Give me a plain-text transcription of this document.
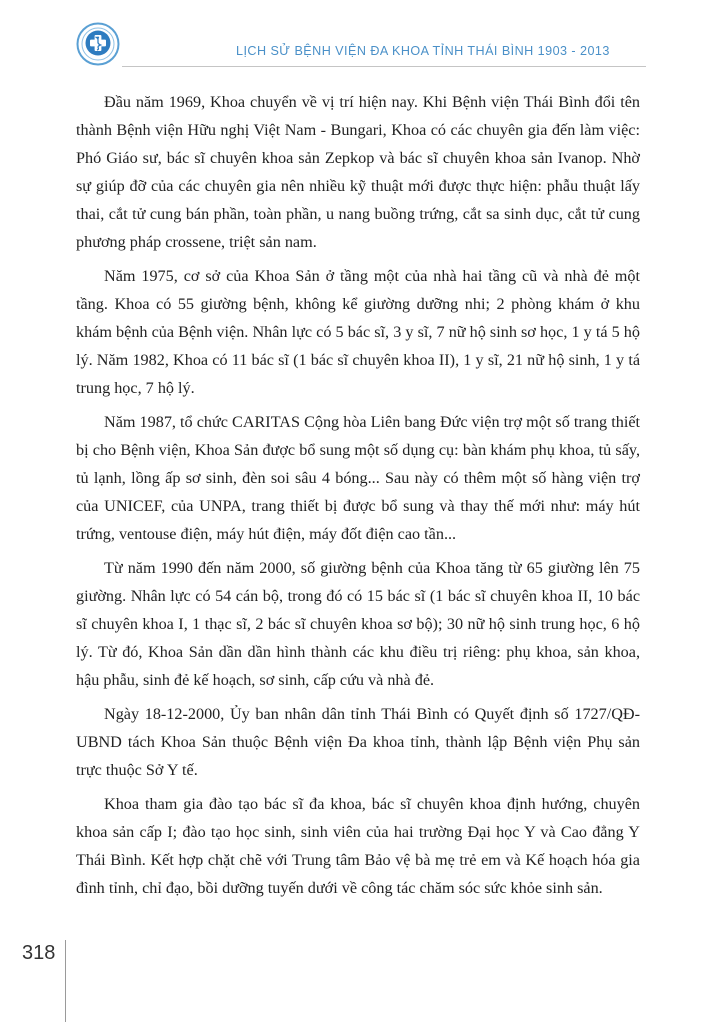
LỊCH SỬ BỆNH VIỆN ĐA KHOA TỈNH THÁI BÌNH 1903 - 2013

Đầu năm 1969, Khoa chuyển về vị trí hiện nay. Khi Bệnh viện Thái Bình đổi tên thành Bệnh viện Hữu nghị Việt Nam - Bungari, Khoa có các chuyên gia đến làm việc: Phó Giáo sư, bác sĩ chuyên khoa sản Zepkop và bác sĩ chuyên khoa sản Ivanop. Nhờ sự giúp đỡ của các chuyên gia nên nhiều kỹ thuật mới được thực hiện: phẫu thuật lấy thai, cắt tử cung bán phần, toàn phần, u nang buồng trứng, cắt sa sinh dục, cắt tử cung phương pháp crossene, triệt sản nam.

Năm 1975, cơ sở của Khoa Sản ở tầng một của nhà hai tầng cũ và nhà đẻ một tầng. Khoa có 55 giường bệnh, không kể giường dưỡng nhi; 2 phòng khám ở khu khám bệnh của Bệnh viện. Nhân lực có 5 bác sĩ, 3 y sĩ, 7 nữ hộ sinh sơ học, 1 y tá 5 hộ lý. Năm 1982, Khoa có 11 bác sĩ (1 bác sĩ chuyên khoa II), 1 y sĩ, 21 nữ hộ sinh, 1 y tá trung học, 7 hộ lý.

Năm 1987, tổ chức CARITAS Cộng hòa Liên bang Đức viện trợ một số trang thiết bị cho Bệnh viện, Khoa Sản được bổ sung một số dụng cụ: bàn khám phụ khoa, tủ sấy, tủ lạnh, lồng ấp sơ sinh, đèn soi sâu 4 bóng... Sau này có thêm một số hàng viện trợ của UNICEF, của UNPA, trang thiết bị được bổ sung và thay thế mới như: máy hút trứng, ventouse điện, máy hút điện, máy đốt điện cao tần...

Từ năm 1990 đến năm 2000, số giường bệnh của Khoa tăng từ 65 giường lên 75 giường. Nhân lực có 54 cán bộ, trong đó có 15 bác sĩ (1 bác sĩ chuyên khoa II, 10 bác sĩ chuyên khoa I, 1 thạc sĩ, 2 bác sĩ chuyên khoa sơ bộ); 30 nữ hộ sinh trung học, 6 hộ lý. Từ đó, Khoa Sản dần dần hình thành các khu điều trị riêng: phụ khoa, sản khoa, hậu phẫu, sinh đẻ kế hoạch, sơ sinh, cấp cứu và nhà đẻ.

Ngày 18-12-2000, Ủy ban nhân dân tỉnh Thái Bình có Quyết định số 1727/QĐ-UBND tách Khoa Sản thuộc Bệnh viện Đa khoa tỉnh, thành lập Bệnh viện Phụ sản trực thuộc Sở Y tế.

Khoa tham gia đào tạo bác sĩ đa khoa, bác sĩ chuyên khoa định hướng, chuyên khoa sản cấp I; đào tạo học sinh, sinh viên của hai trường Đại học Y và Cao đẳng Y Thái Bình. Kết hợp chặt chẽ với Trung tâm Bảo vệ bà mẹ trẻ em và Kế hoạch hóa gia đình tỉnh, chỉ đạo, bồi dưỡng tuyến dưới về công tác chăm sóc sức khỏe sinh sản.

318
